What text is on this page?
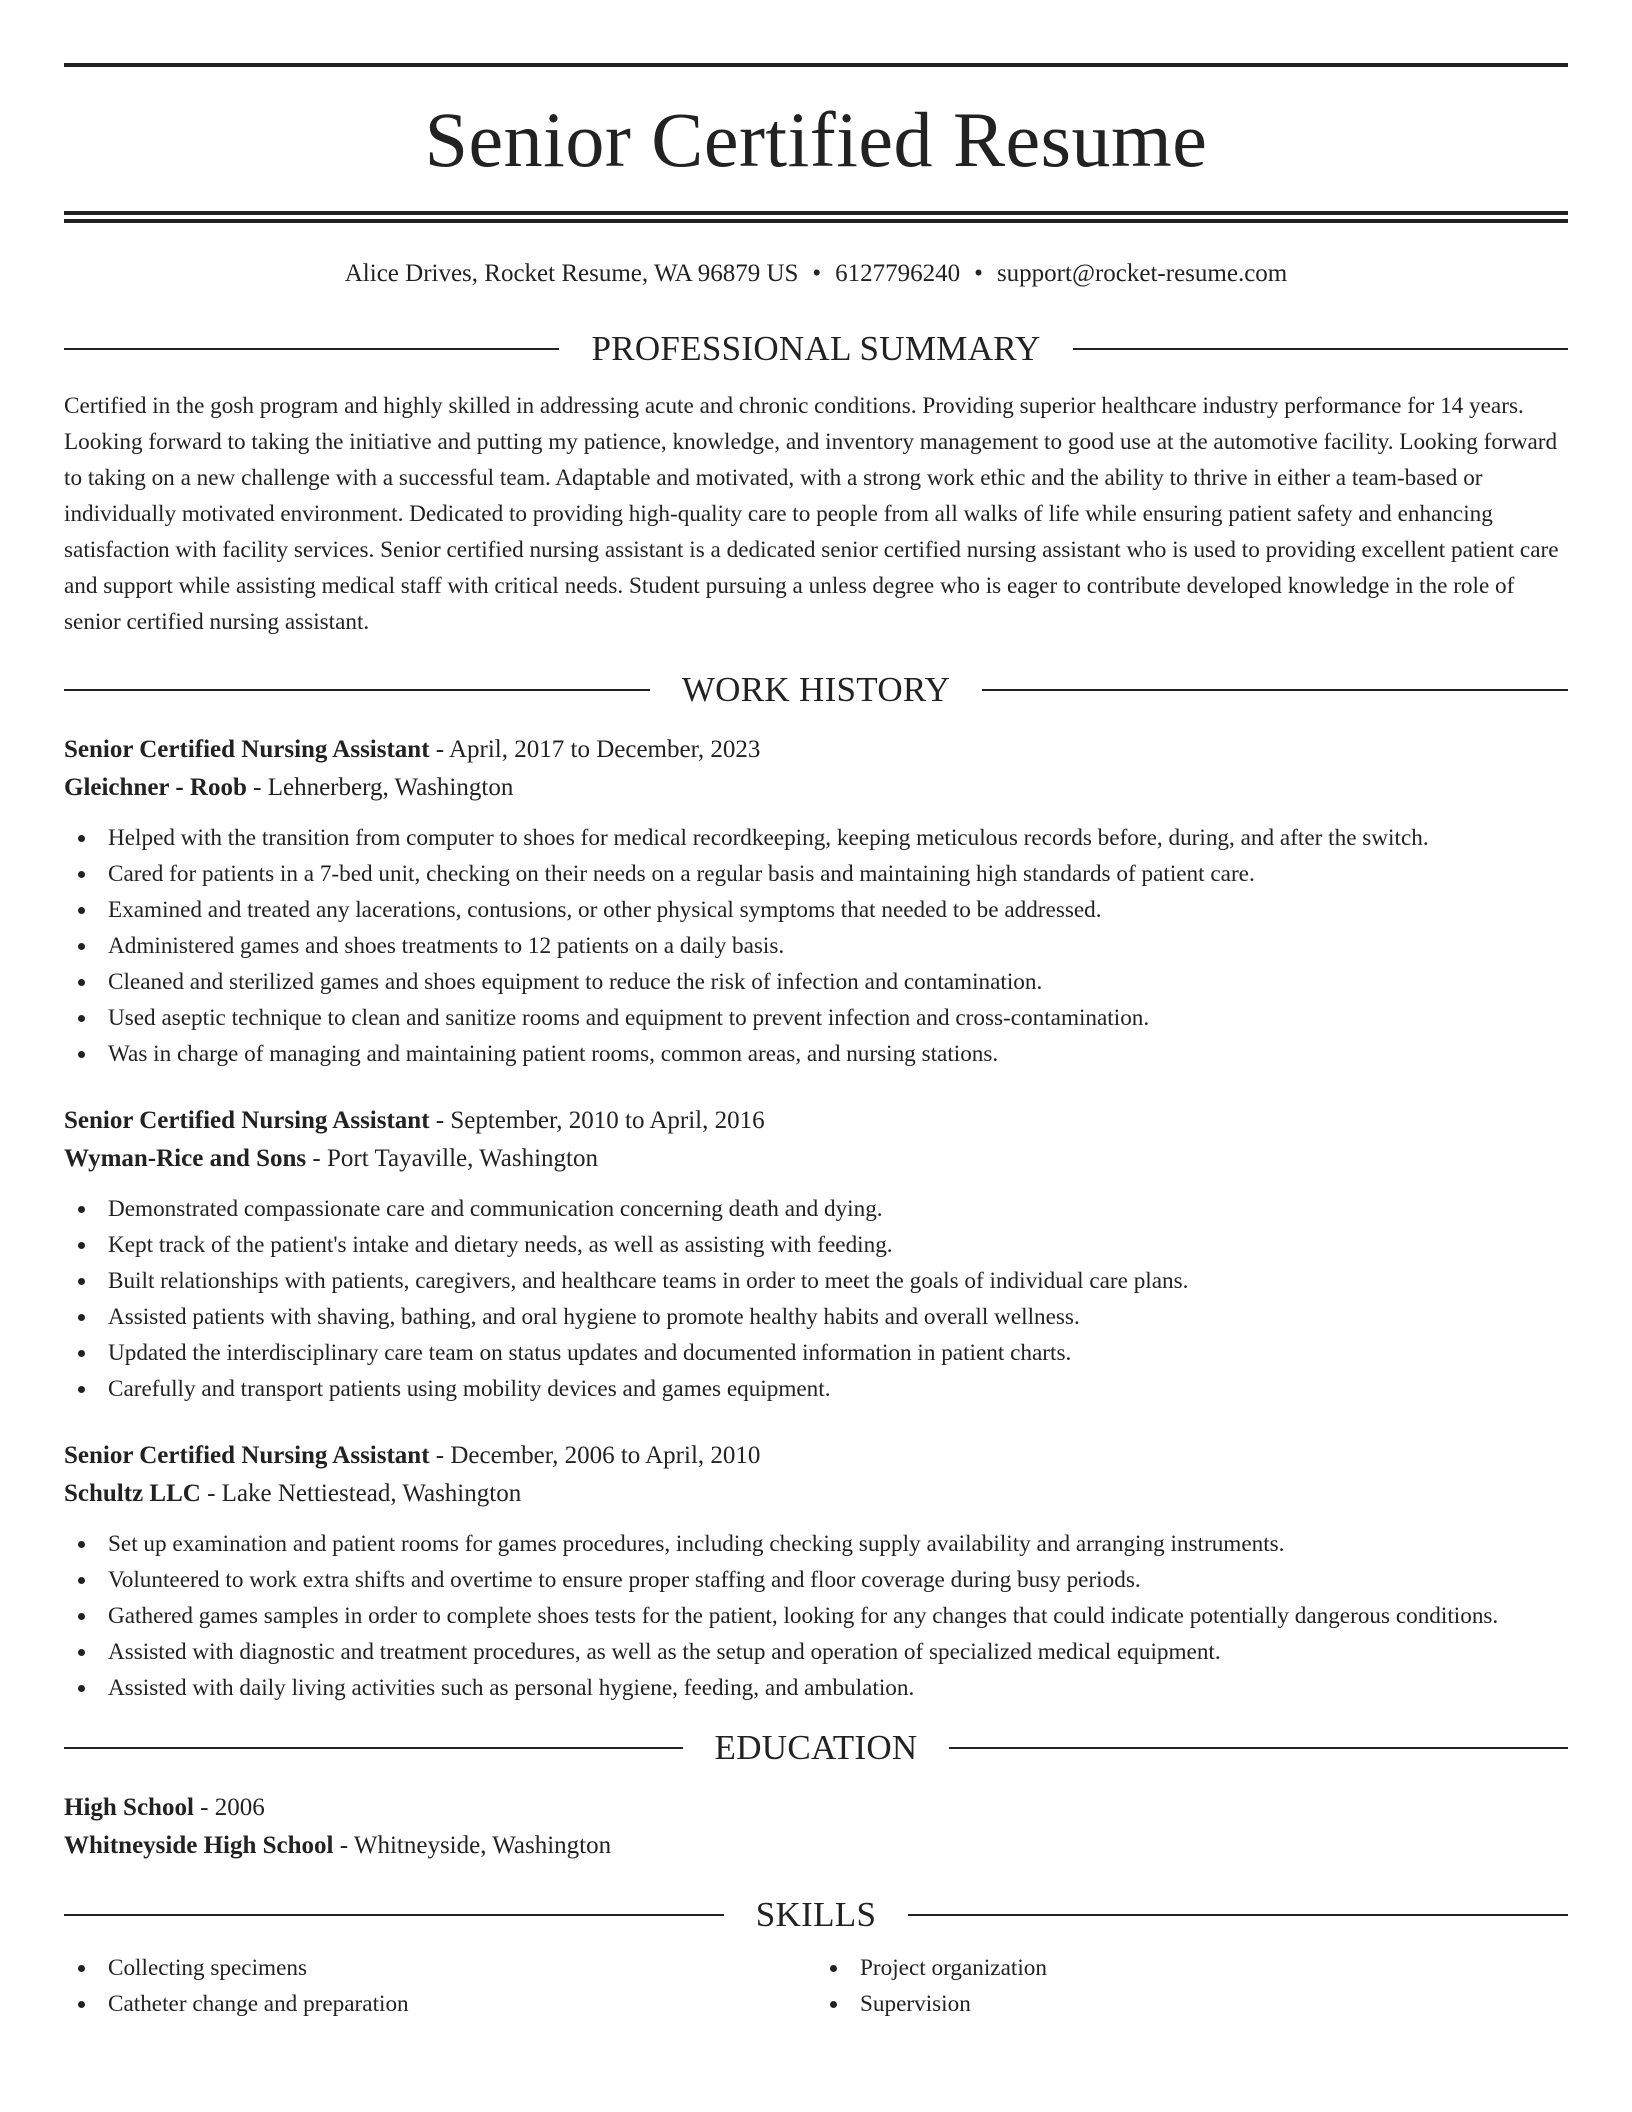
Senior Certified Resume
Alice Drives, Rocket Resume, WA 96879 US • 6127796240 • support@rocket-resume.com
PROFESSIONAL SUMMARY

Certified in the gosh program and highly skilled in addressing acute and chronic conditions. Providing superior healthcare industry performance for 14 years. Looking forward to taking the initiative and putting my patience, knowledge, and inventory management to good use at the automotive facility. Looking forward to taking on a new challenge with a successful team. Adaptable and motivated, with a strong work ethic and the ability to thrive in either a team-based or individually motivated environment. Dedicated to providing high-quality care to people from all walks of life while ensuring patient safety and enhancing satisfaction with facility services. Senior certified nursing assistant is a dedicated senior certified nursing assistant who is used to providing excellent patient care and support while assisting medical staff with critical needs. Student pursuing a unless degree who is eager to contribute developed knowledge in the role of senior certified nursing assistant.

WORK HISTORY
Senior Certified Nursing Assistant - April, 2017 to December, 2023
Gleichner - Roob - Lehnerberg, Washington
Helped with the transition from computer to shoes for medical recordkeeping, keeping meticulous records before, during, and after the switch.
Cared for patients in a 7-bed unit, checking on their needs on a regular basis and maintaining high standards of patient care.
Examined and treated any lacerations, contusions, or other physical symptoms that needed to be addressed.
Administered games and shoes treatments to 12 patients on a daily basis.
Cleaned and sterilized games and shoes equipment to reduce the risk of infection and contamination.
Used aseptic technique to clean and sanitize rooms and equipment to prevent infection and cross-contamination.
Was in charge of managing and maintaining patient rooms, common areas, and nursing stations.
Senior Certified Nursing Assistant - September, 2010 to April, 2016
Wyman-Rice and Sons - Port Tayaville, Washington
Demonstrated compassionate care and communication concerning death and dying.
Kept track of the patient's intake and dietary needs, as well as assisting with feeding.
Built relationships with patients, caregivers, and healthcare teams in order to meet the goals of individual care plans.
Assisted patients with shaving, bathing, and oral hygiene to promote healthy habits and overall wellness.
Updated the interdisciplinary care team on status updates and documented information in patient charts.
Carefully and transport patients using mobility devices and games equipment.
Senior Certified Nursing Assistant - December, 2006 to April, 2010
Schultz LLC - Lake Nettiestead, Washington
Set up examination and patient rooms for games procedures, including checking supply availability and arranging instruments.
Volunteered to work extra shifts and overtime to ensure proper staffing and floor coverage during busy periods.
Gathered games samples in order to complete shoes tests for the patient, looking for any changes that could indicate potentially dangerous conditions.
Assisted with diagnostic and treatment procedures, as well as the setup and operation of specialized medical equipment.
Assisted with daily living activities such as personal hygiene, feeding, and ambulation.
EDUCATION
High School - 2006
Whitneyside High School - Whitneyside, Washington
SKILLS
Collecting specimens
Catheter change and preparation
Project organization
Supervision
